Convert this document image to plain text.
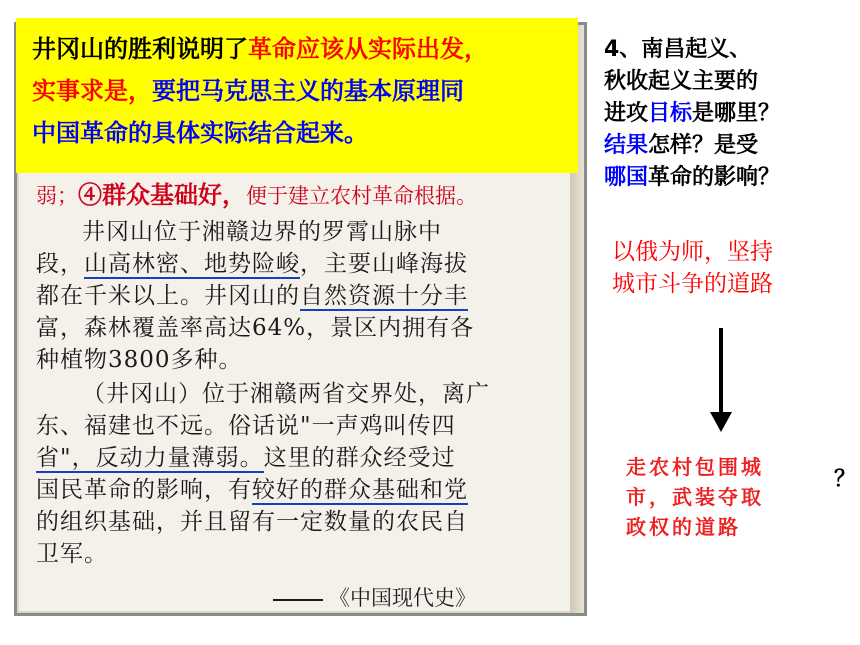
井冈山的胜利说明了革命应该从实际出发，
实事求是，要把马克思主义的基本原理同
中国革命的具体实际结合起来。
弱；④群众基础好，便于建立农村革命根据。
井冈山位于湘赣边界的罗霄山脉中
段，山高林密、地势险峻，主要山峰海拔
都在千米以上。井冈山的自然资源十分丰
富，森林覆盖率高达64%，景区内拥有各
种植物3800多种。
（井冈山）位于湘赣两省交界处，离广
东、福建也不远。俗话说"一声鸡叫传四
省"，反动力量薄弱。这里的群众经受过
国民革命的影响，有较好的群众基础和党
的组织基础，并且留有一定数量的农民自
卫军。
《中国现代史》
4、南昌起义、
秋收起义主要的
进攻目标是哪里？
结果怎样？是受
哪国革命的影响？
以俄为师，坚持
城市斗争的道路
走农村包围城
市，武装夺取
政权的道路
？
